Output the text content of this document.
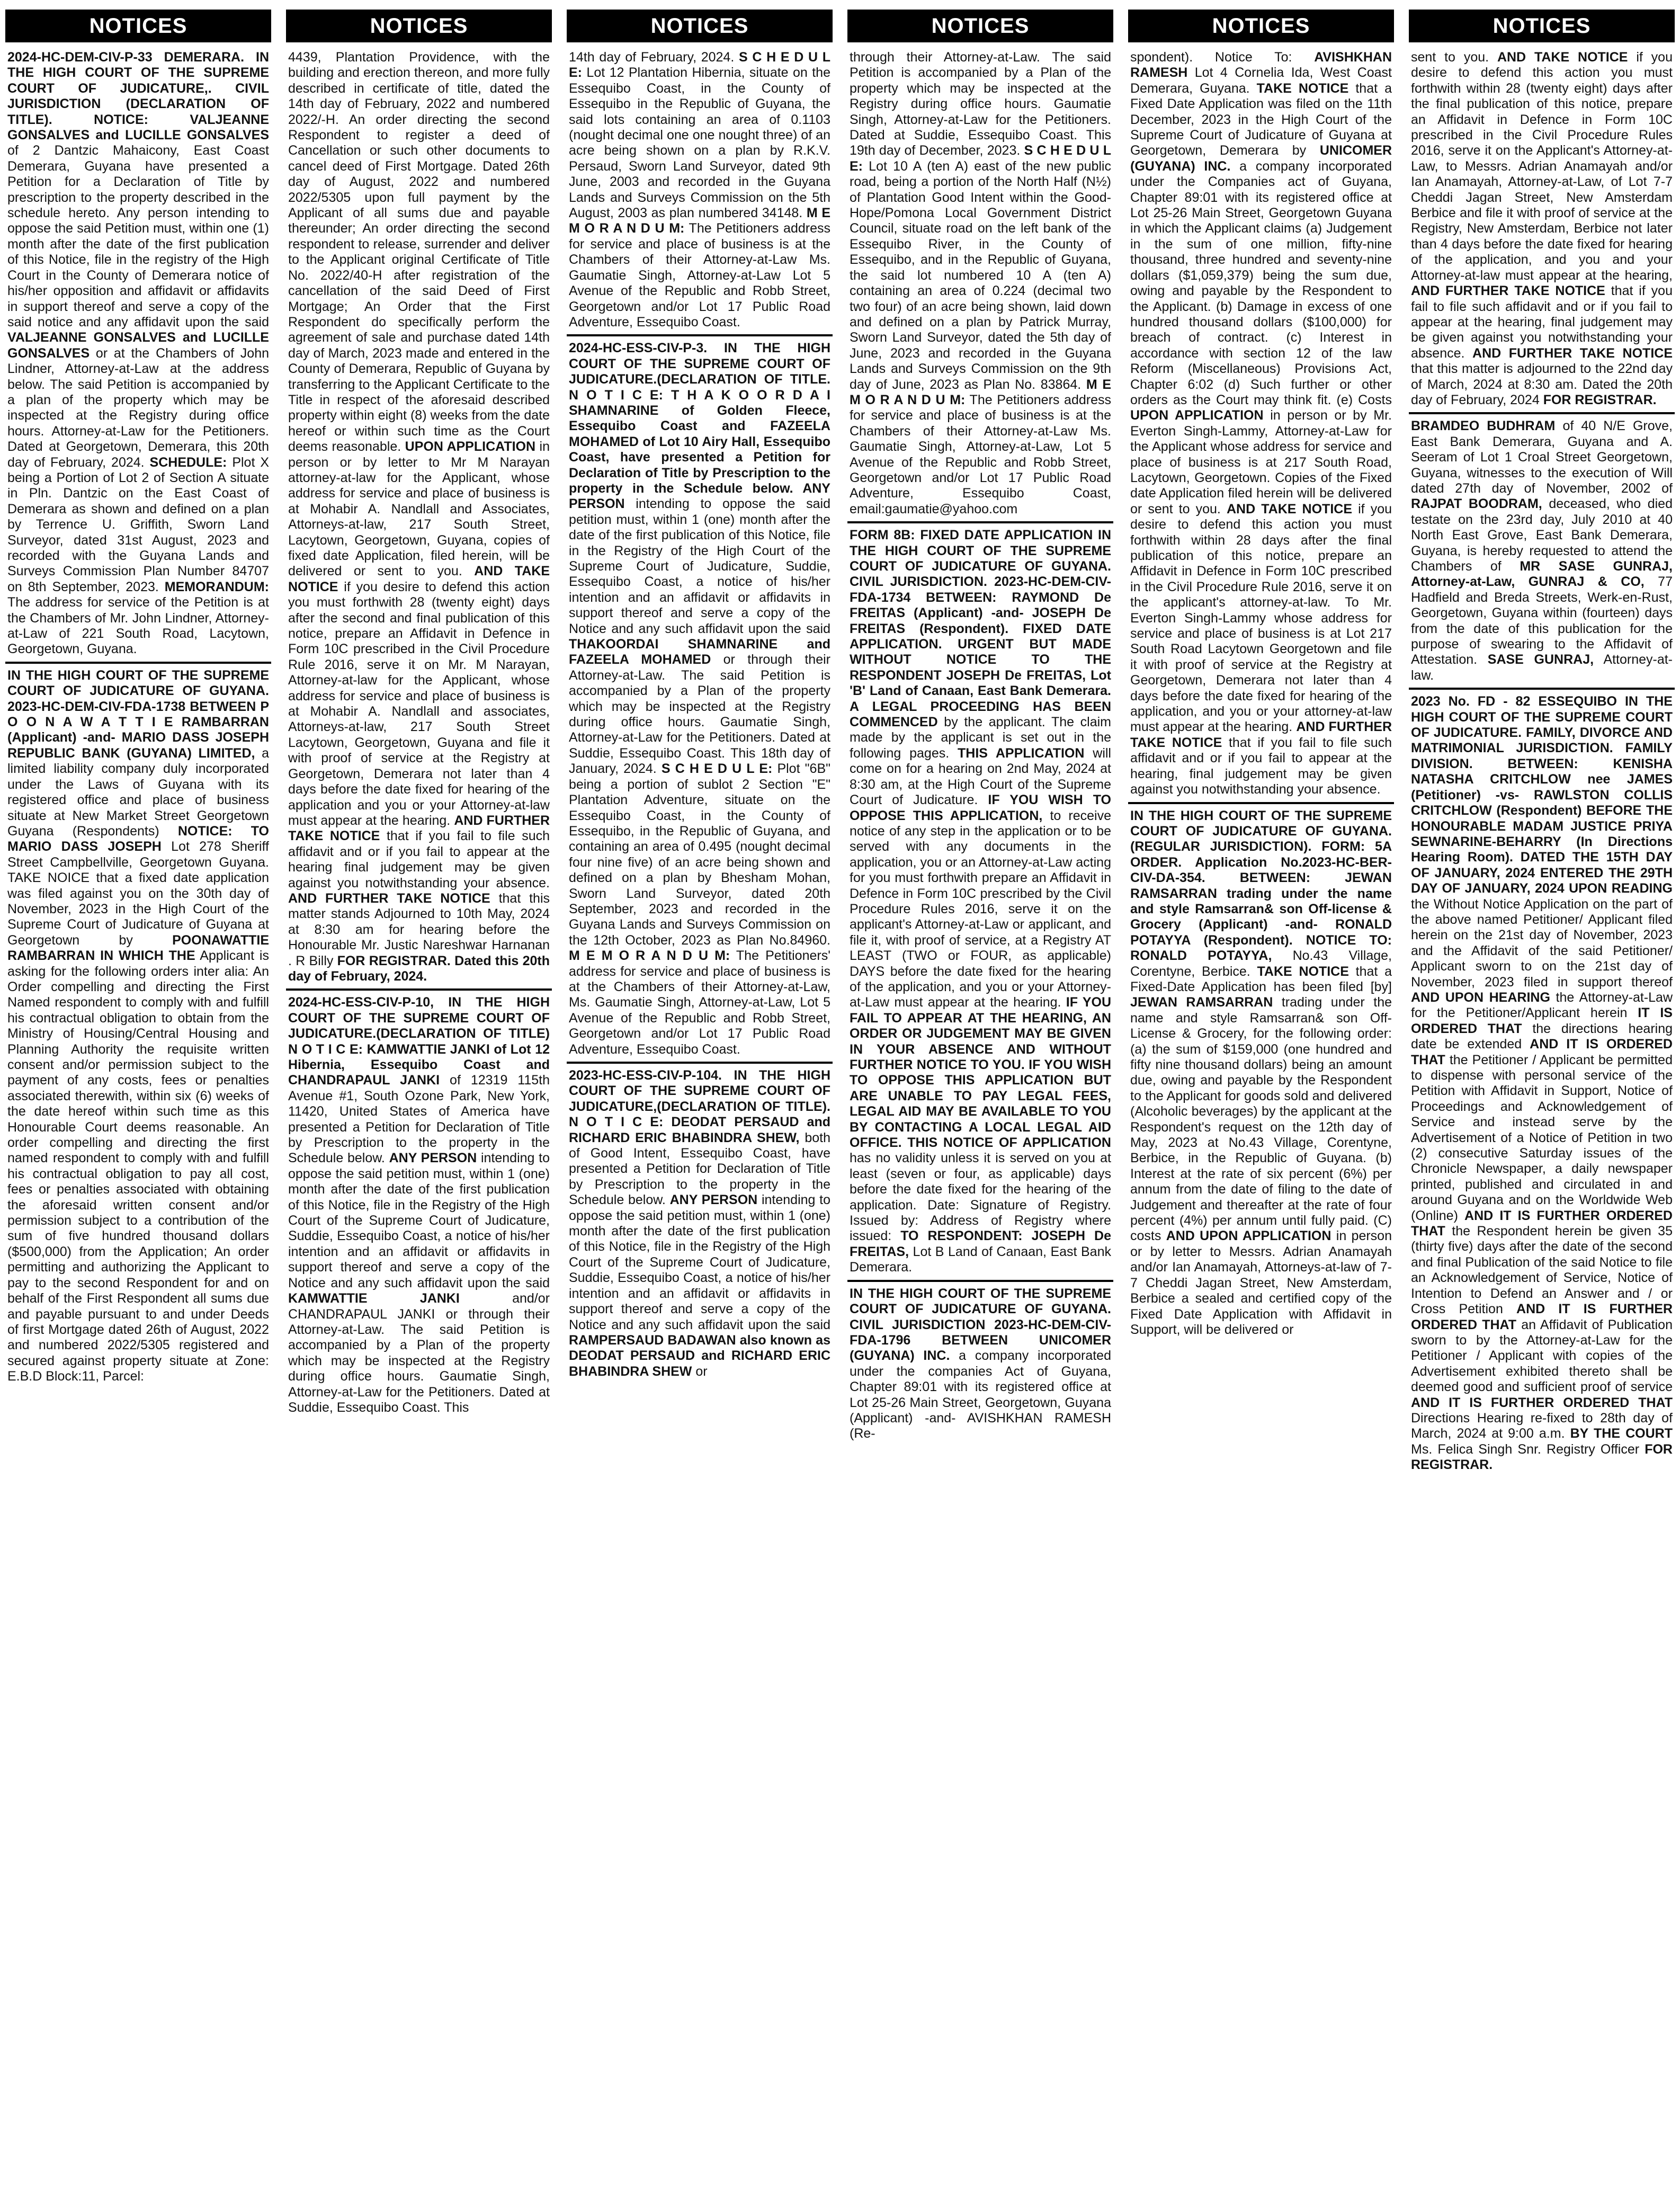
NOTICES

2024-HC-DEM-CIV-P-33 DEMERARA. IN THE HIGH COURT OF THE SUPREME COURT OF JUDICATURE,. CIVIL JURISDICTION (DECLARATION OF TITLE). NOTICE: VALJEANNE GONSALVES and LUCILLE GONSALVES of 2 Dantzic Mahaicony, East Coast Demerara, Guyana have presented a Petition for a Declaration of Title by prescription to the property described in the schedule hereto. Any person intending to oppose the said Petition must, within one (1) month after the date of the first publication of this Notice, file in the registry of the High Court in the County of Demerara notice of his/her opposition and affidavit or affidavits in support thereof and serve a copy of the said notice and any affidavit upon the said VALJEANNE GONSALVES and LUCILLE GONSALVES or at the Chambers of John Lindner, Attorney-at-Law at the address below. The said Petition is accompanied by a plan of the property which may be inspected at the Registry during office hours. Attorney-at-Law for the Petitioners. Dated at Georgetown, Demerara, this 20th day of February, 2024. SCHEDULE: Plot X being a Portion of Lot 2 of Section A situate in Pln. Dantzic on the East Coast of Demerara as shown and defined on a plan by Terrence U. Griffith, Sworn Land Surveyor, dated 31st August, 2023 and recorded with the Guyana Lands and Surveys Commission Plan Number 84707 on 8th September, 2023. MEMORANDUM: The address for service of the Petition is at the Chambers of Mr. John Lindner, Attorney-at-Law of 221 South Road, Lacytown, Georgetown, Guyana.

IN THE HIGH COURT OF THE SUPREME COURT OF JUDICATURE OF GUYANA. 2023-HC-DEM-CIV-FDA-1738 BETWEEN P O O N A W A T T I E RAMBARRAN (Applicant) -and- MARIO DASS JOSEPH REPUBLIC BANK (GUYANA) LIMITED, a limited liability company duly incorporated under the Laws of Guyana with its registered office and place of business situate at New Market Street Georgetown Guyana (Respondents) NOTICE: TO MARIO DASS JOSEPH Lot 278 Sheriff Street Campbellville, Georgetown Guyana. TAKE NOICE that a fixed date application was filed against you on the 30th day of November, 2023 in the High Court of the Supreme Court of Judicature of Guyana at Georgetown by POONAWATTIE RAMBARRAN IN WHICH THE Applicant is asking for the following orders inter alia: An Order compelling and directing the First Named respondent to comply with and fulfill his contractual obligation to obtain from the Ministry of Housing/Central Housing and Planning Authority the requisite written consent and/or permission subject to the payment of any costs, fees or penalties associated therewith, within six (6) weeks of the date hereof within such time as this Honourable Court deems reasonable. An order compelling and directing the first named respondent to comply with and fulfill his contractual obligation to pay all cost, fees or penalties associated with obtaining the aforesaid written consent and/or permission subject to a contribution of the sum of five hundred thousand dollars ($500,000) from the Application; An order permitting and authorizing the Applicant to pay to the second Respondent for and on behalf of the First Respondent all sums due and payable pursuant to and under Deeds of first Mortgage dated 26th of August, 2022 and numbered 2022/5305 registered and secured against property situate at Zone: E.B.D Block:11, Parcel:

NOTICES

4439, Plantation Providence, with the building and erection thereon, and more fully described in certificate of title, dated the 14th day of February, 2022 and numbered 2022/-H. An order directing the second Respondent to register a deed of Cancellation or such other documents to cancel deed of First Mortgage. Dated 26th day of August, 2022 and numbered 2022/5305 upon full payment by the Applicant of all sums due and payable thereunder; An order directing the second respondent to release, surrender and deliver to the Applicant original Certificate of Title No. 2022/40-H after registration of the cancellation of the said Deed of First Mortgage; An Order that the First Respondent do specifically perform the agreement of sale and purchase dated 14th day of March, 2023 made and entered in the County of Demerara, Republic of Guyana by transferring to the Applicant Certificate to the Title in respect of the aforesaid described property within eight (8) weeks from the date hereof or within such time as the Court deems reasonable. UPON APPLICATION in person or by letter to Mr M Narayan attorney-at-law for the Applicant, whose address for service and place of business is at Mohabir A. Nandlall and Associates, Attorneys-at-law, 217 South Street, Lacytown, Georgetown, Guyana, copies of fixed date Application, filed herein, will be delivered or sent to you. AND TAKE NOTICE if you desire to defend this action you must forthwith 28 (twenty eight) days after the second and final publication of this notice, prepare an Affidavit in Defence in Form 10C prescribed in the Civil Procedure Rule 2016, serve it on Mr. M Narayan, Attorney-at-law for the Applicant, whose address for service and place of business is at Mohabir A. Nandlall and associates, Attorneys-at-law, 217 South Street Lacytown, Georgetown, Guyana and file it with proof of service at the Registry at Georgetown, Demerara not later than 4 days before the date fixed for hearing of the application and you or your Attorney-at-law must appear at the hearing. AND FURTHER TAKE NOTICE that if you fail to file such affidavit and or if you fail to appear at the hearing final judgement may be given against you notwithstanding your absence. AND FURTHER TAKE NOTICE that this matter stands Adjourned to 10th May, 2024 at 8:30 am for hearing before the Honourable Mr. Justic Nareshwar Harnanan . R Billy FOR REGISTRAR. Dated this 20th day of February, 2024.

2024-HC-ESS-CIV-P-10, IN THE HIGH COURT OF THE SUPREME COURT OF JUDICATURE.(DECLARATION OF TITLE) N O T I C E: KAMWATTIE JANKI of Lot 12 Hibernia, Essequibo Coast and CHANDRAPAUL JANKI of 12319 115th Avenue #1, South Ozone Park, New York, 11420, United States of America have presented a Petition for Declaration of Title by Prescription to the property in the Schedule below. ANY PERSON intending to oppose the said petition must, within 1 (one) month after the date of the first publication of this Notice, file in the Registry of the High Court of the Supreme Court of Judicature, Suddie, Essequibo Coast, a notice of his/her intention and an affidavit or affidavits in support thereof and serve a copy of the Notice and any such affidavit upon the said KAMWATTIE JANKI and/or CHANDRAPAUL JANKI or through their Attorney-at-Law. The said Petition is accompanied by a Plan of the property which may be inspected at the Registry during office hours. Gaumatie Singh, Attorney-at-Law for the Petitioners. Dated at Suddie, Essequibo Coast. This

NOTICES

14th day of February, 2024. S C H E D U L E: Lot 12 Plantation Hibernia, situate on the Essequibo Coast, in the County of Essequibo in the Republic of Guyana, the said lots containing an area of 0.1103 (nought decimal one one nought three) of an acre being shown on a plan by R.K.V. Persaud, Sworn Land Surveyor, dated 9th June, 2003 and recorded in the Guyana Lands and Surveys Commission on the 5th August, 2003 as plan numbered 34148. M E M O R A N D U M: The Petitioners address for service and place of business is at the Chambers of their Attorney-at-Law Ms. Gaumatie Singh, Attorney-at-Law Lot 5 Avenue of the Republic and Robb Street, Georgetown and/or Lot 17 Public Road Adventure, Essequibo Coast.

2024-HC-ESS-CIV-P-3. IN THE HIGH COURT OF THE SUPREME COURT OF JUDICATURE.(DECLARATION OF TITLE. N O T I C E: T H A K O O R D A I SHAMNARINE of Golden Fleece, Essequibo Coast and FAZEELA MOHAMED of Lot 10 Airy Hall, Essequibo Coast, have presented a Petition for Declaration of Title by Prescription to the property in the Schedule below. ANY PERSON intending to oppose the said petition must, within 1 (one) month after the date of the first publication of this Notice, file in the Registry of the High Court of the Supreme Court of Judicature, Suddie, Essequibo Coast, a notice of his/her intention and an affidavit or affidavits in support thereof and serve a copy of the Notice and any such affidavit upon the said THAKOORDAI SHAMNARINE and FAZEELA MOHAMED or through their Attorney-at-Law. The said Petition is accompanied by a Plan of the property which may be inspected at the Registry during office hours. Gaumatie Singh, Attorney-at-Law for the Petitioners. Dated at Suddie, Essequibo Coast. This 18th day of January, 2024. S C H E D U L E: Plot "6B" being a portion of sublot 2 Section "E" Plantation Adventure, situate on the Essequibo Coast, in the County of Essequibo, in the Republic of Guyana, and containing an area of 0.495 (nought decimal four nine five) of an acre being shown and defined on a plan by Bhesham Mohan, Sworn Land Surveyor, dated 20th September, 2023 and recorded in the Guyana Lands and Surveys Commission on the 12th October, 2023 as Plan No.84960. M E M O R A N D U M: The Petitioners' address for service and place of business is at the Chambers of their Attorney-at-Law, Ms. Gaumatie Singh, Attorney-at-Law, Lot 5 Avenue of the Republic and Robb Street, Georgetown and/or Lot 17 Public Road Adventure, Essequibo Coast.

2023-HC-ESS-CIV-P-104. IN THE HIGH COURT OF THE SUPREME COURT OF JUDICATURE,(DECLARATION OF TITLE). N O T I C E: DEODAT PERSAUD and RICHARD ERIC BHABINDRA SHEW, both of Good Intent, Essequibo Coast, have presented a Petition for Declaration of Title by Prescription to the property in the Schedule below. ANY PERSON intending to oppose the said petition must, within 1 (one) month after the date of the first publication of this Notice, file in the Registry of the High Court of the Supreme Court of Judicature, Suddie, Essequibo Coast, a notice of his/her intention and an affidavit or affidavits in support thereof and serve a copy of the Notice and any such affidavit upon the said RAMPERSAUD BADAWAN also known as DEODAT PERSAUD and RICHARD ERIC BHABINDRA SHEW or

NOTICES

through their Attorney-at-Law. The said Petition is accompanied by a Plan of the property which may be inspected at the Registry during office hours. Gaumatie Singh, Attorney-at-Law for the Petitioners. Dated at Suddie, Essequibo Coast. This 19th day of December, 2023. S C H E D U L E: Lot 10 A (ten A) east of the new public road, being a portion of the North Half (N½) of Plantation Good Intent within the Good-Hope/Pomona Local Government District Council, situate road on the left bank of the Essequibo River, in the County of Essequibo, and in the Republic of Guyana, the said lot numbered 10 A (ten A) containing an area of 0.224 (decimal two two four) of an acre being shown, laid down and defined on a plan by Patrick Murray, Sworn Land Surveyor, dated the 5th day of June, 2023 and recorded in the Guyana Lands and Surveys Commission on the 9th day of June, 2023 as Plan No. 83864. M E M O R A N D U M: The Petitioners address for service and place of business is at the Chambers of their Attorney-at-Law Ms. Gaumatie Singh, Attorney-at-Law, Lot 5 Avenue of the Republic and Robb Street, Georgetown and/or Lot 17 Public Road Adventure, Essequibo Coast, email:gaumatie@yahoo.com

FORM 8B: FIXED DATE APPLICATION IN THE HIGH COURT OF THE SUPREME COURT OF JUDICATURE OF GUYANA. CIVIL JURISDICTION. 2023-HC-DEM-CIV-FDA-1734 BETWEEN: RAYMOND De FREITAS (Applicant) -and- JOSEPH De FREITAS (Respondent). FIXED DATE APPLICATION. URGENT BUT MADE WITHOUT NOTICE TO THE RESPONDENT JOSEPH De FREITAS, Lot 'B' Land of Canaan, East Bank Demerara. A LEGAL PROCEEDING HAS BEEN COMMENCED by the applicant. The claim made by the applicant is set out in the following pages. THIS APPLICATION will come on for a hearing on 2nd May, 2024 at 8:30 am, at the High Court of the Supreme Court of Judicature. IF YOU WISH TO OPPOSE THIS APPLICATION, to receive notice of any step in the application or to be served with any documents in the application, you or an Attorney-at-Law acting for you must forthwith prepare an Affidavit in Defence in Form 10C prescribed by the Civil Procedure Rules 2016, serve it on the applicant's Attorney-at-Law or applicant, and file it, with proof of service, at a Registry AT LEAST (TWO or FOUR, as applicable) DAYS before the date fixed for the hearing of the application, and you or your Attorney-at-Law must appear at the hearing. IF YOU FAIL TO APPEAR AT THE HEARING, AN ORDER OR JUDGEMENT MAY BE GIVEN IN YOUR ABSENCE AND WITHOUT FURTHER NOTICE TO YOU. IF YOU WISH TO OPPOSE THIS APPLICATION BUT ARE UNABLE TO PAY LEGAL FEES, LEGAL AID MAY BE AVAILABLE TO YOU BY CONTACTING A LOCAL LEGAL AID OFFICE. THIS NOTICE OF APPLICATION has no validity unless it is served on you at least (seven or four, as applicable) days before the date fixed for the hearing of the application. Date: Signature of Registry. Issued by: Address of Registry where issued: TO RESPONDENT: JOSEPH De FREITAS, Lot B Land of Canaan, East Bank Demerara.

IN THE HIGH COURT OF THE SUPREME COURT OF JUDICATURE OF GUYANA. CIVIL JURISDICTION 2023-HC-DEM-CIV-FDA-1796 BETWEEN UNICOMER (GUYANA) INC. a company incorporated under the companies Act of Guyana, Chapter 89:01 with its registered office at Lot 25-26 Main Street, Georgetown, Guyana (Applicant) -and- AVISHKHAN RAMESH (Re-

NOTICES

spondent). Notice To: AVISHKHAN RAMESH Lot 4 Cornelia Ida, West Coast Demerara, Guyana. TAKE NOTICE that a Fixed Date Application was filed on the 11th December, 2023 in the High Court of the Supreme Court of Judicature of Guyana at Georgetown, Demerara by UNICOMER (GUYANA) INC. a company incorporated under the Companies act of Guyana, Chapter 89:01 with its registered office at Lot 25-26 Main Street, Georgetown Guyana in which the Applicant claims (a) Judgement in the sum of one million, fifty-nine thousand, three hundred and seventy-nine dollars ($1,059,379) being the sum due, owing and payable by the Respondent to the Applicant. (b) Damage in excess of one hundred thousand dollars ($100,000) for breach of contract. (c) Interest in accordance with section 12 of the law Reform (Miscellaneous) Provisions Act, Chapter 6:02 (d) Such further or other orders as the Court may think fit. (e) Costs UPON APPLICATION in person or by Mr. Everton Singh-Lammy, Attorney-at-Law for the Applicant whose address for service and place of business is at 217 South Road, Lacytown, Georgetown. Copies of the Fixed date Application filed herein will be delivered or sent to you. AND TAKE NOTICE if you desire to defend this action you must forthwith within 28 days after the final publication of this notice, prepare an Affidavit in Defence in Form 10C prescribed in the Civil Procedure Rule 2016, serve it on the applicant's attorney-at-law. To Mr. Everton Singh-Lammy whose address for service and place of business is at Lot 217 South Road Lacytown Georgetown and file it with proof of service at the Registry at Georgetown, Demerara not later than 4 days before the date fixed for hearing of the application, and you or your attorney-at-law must appear at the hearing. AND FURTHER TAKE NOTICE that if you fail to file such affidavit and or if you fail to appear at the hearing, final judgement may be given against you notwithstanding your absence.

IN THE HIGH COURT OF THE SUPREME COURT OF JUDICATURE OF GUYANA. (REGULAR JURISDICTION). FORM: 5A ORDER. Application No.2023-HC-BER-CIV-DA-354. BETWEEN: JEWAN RAMSARRAN trading under the name and style Ramsarran& son Off-license & Grocery (Applicant) -and- RONALD POTAYYA (Respondent). NOTICE TO: RONALD POTAYYA, No.43 Village, Corentyne, Berbice. TAKE NOTICE that a Fixed-Date Application has been filed [by] JEWAN RAMSARRAN trading under the name and style Ramsarran& son Off-License & Grocery, for the following order: (a) the sum of $159,000 (one hundred and fifty nine thousand dollars) being an amount due, owing and payable by the Respondent to the Applicant for goods sold and delivered (Alcoholic beverages) by the applicant at the Respondent's request on the 12th day of May, 2023 at No.43 Village, Corentyne, Berbice, in the Republic of Guyana. (b) Interest at the rate of six percent (6%) per annum from the date of filing to the date of Judgement and thereafter at the rate of four percent (4%) per annum until fully paid. (C) costs AND UPON APPLICATION in person or by letter to Messrs. Adrian Anamayah and/or Ian Anamayah, Attorneys-at-law of 7-7 Cheddi Jagan Street, New Amsterdam, Berbice a sealed and certified copy of the Fixed Date Application with Affidavit in Support, will be delivered or

NOTICES

sent to you. AND TAKE NOTICE if you desire to defend this action you must forthwith within 28 (twenty eight) days after the final publication of this notice, prepare an Affidavit in Defence in Form 10C prescribed in the Civil Procedure Rules 2016, serve it on the Applicant's Attorney-at-Law, to Messrs. Adrian Anamayah and/or Ian Anamayah, Attorney-at-Law, of Lot 7-7 Cheddi Jagan Street, New Amsterdam Berbice and file it with proof of service at the Registry, New Amsterdam, Berbice not later than 4 days before the date fixed for hearing of the application, and you and your Attorney-at-law must appear at the hearing, AND FURTHER TAKE NOTICE that if you fail to file such affidavit and or if you fail to appear at the hearing, final judgement may be given against you notwithstanding your absence. AND FURTHER TAKE NOTICE that this matter is adjourned to the 22nd day of March, 2024 at 8:30 am. Dated the 20th day of February, 2024 FOR REGISTRAR.

BRAMDEO BUDHRAM of 40 N/E Grove, East Bank Demerara, Guyana and A. Seeram of Lot 1 Croal Street Georgetown, Guyana, witnesses to the execution of Will dated 27th day of November, 2002 of RAJPAT BOODRAM, deceased, who died testate on the 23rd day, July 2010 at 40 North East Grove, East Bank Demerara, Guyana, is hereby requested to attend the Chambers of MR SASE GUNRAJ, Attorney-at-Law, GUNRAJ & CO, 77 Hadfield and Breda Streets, Werk-en-Rust, Georgetown, Guyana within (fourteen) days from the date of this publication for the purpose of swearing to the Affidavit of Attestation. SASE GUNRAJ, Attorney-at-law.

2023 No. FD - 82 ESSEQUIBO IN THE HIGH COURT OF THE SUPREME COURT OF JUDICATURE. FAMILY, DIVORCE AND MATRIMONIAL JURISDICTION. FAMILY DIVISION. BETWEEN: KENISHA NATASHA CRITCHLOW nee JAMES (Petitioner) -vs- RAWLSTON COLLIS CRITCHLOW (Respondent) BEFORE THE HONOURABLE MADAM JUSTICE PRIYA SEWNARINE-BEHARRY (In Directions Hearing Room). DATED THE 15TH DAY OF JANUARY, 2024 ENTERED THE 29TH DAY OF JANUARY, 2024 UPON READING the Without Notice Application on the part of the above named Petitioner/ Applicant filed herein on the 21st day of November, 2023 and the Affidavit of the said Petitioner/ Applicant sworn to on the 21st day of November, 2023 filed in support thereof AND UPON HEARING the Attorney-at-Law for the Petitioner/Applicant herein IT IS ORDERED THAT the directions hearing date be extended AND IT IS ORDERED THAT the Petitioner / Applicant be permitted to dispense with personal service of the Petition with Affidavit in Support, Notice of Proceedings and Acknowledgement of Service and instead serve by the Advertisement of a Notice of Petition in two (2) consecutive Saturday issues of the Chronicle Newspaper, a daily newspaper printed, published and circulated in and around Guyana and on the Worldwide Web (Online) AND IT IS FURTHER ORDERED THAT the Respondent herein be given 35 (thirty five) days after the date of the second and final Publication of the said Notice to file an Acknowledgement of Service, Notice of Intention to Defend an Answer and / or Cross Petition AND IT IS FURTHER ORDERED THAT an Affidavit of Publication sworn to by the Attorney-at-Law for the Petitioner / Applicant with copies of the Advertisement exhibited thereto shall be deemed good and sufficient proof of service AND IT IS FURTHER ORDERED THAT Directions Hearing re-fixed to 28th day of March, 2024 at 9:00 a.m. BY THE COURT Ms. Felica Singh Snr. Registry Officer FOR REGISTRAR.
